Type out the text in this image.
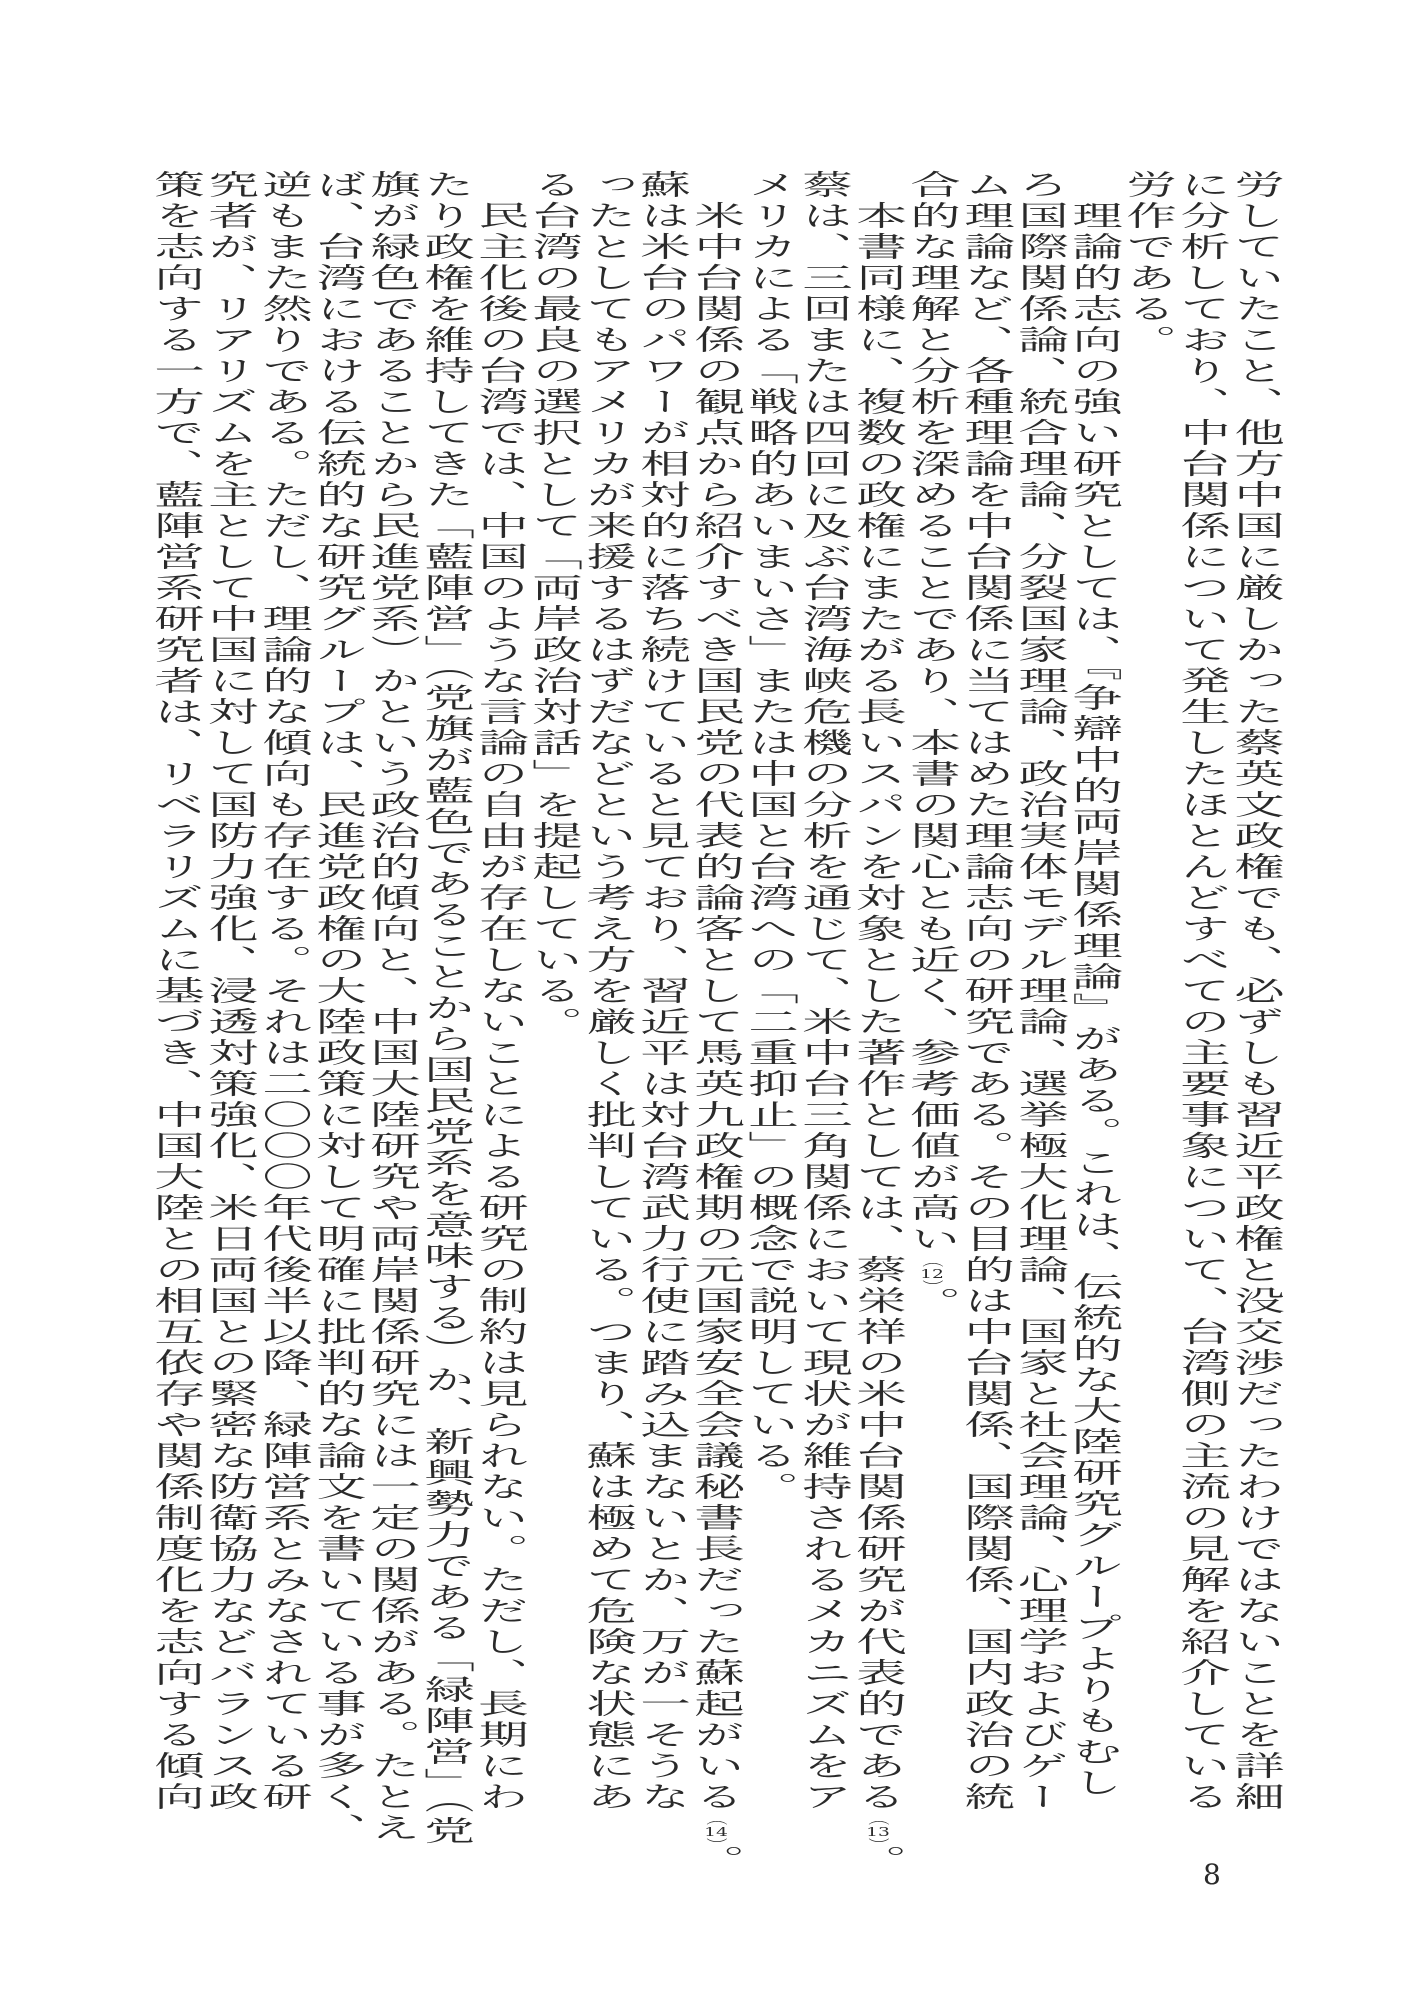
労していたこと、他方中国に厳しかった蔡英文政権でも、必ずしも習近平政権と没交渉だったわけではないことを詳細
に分析しており、中台関係について発生したほとんどすべての主要事象について、台湾側の主流の見解を紹介している
労作である。
　理論的志向の強い研究としては、『争辯中的両岸関係理論』がある。これは、伝統的な大陸研究グループよりもむし
ろ国際関係論、統合理論、分裂国家理論、政治実体モデル理論、選挙極大化理論、国家と社会理論、心理学およびゲー
ム理論など、各種理論を中台関係に当てはめた理論志向の研究である。その目的は中台関係、国際関係、国内政治の統
合的な理解と分析を深めることであり、本書の関心とも近く、参考価値が高い（12）。
　本書同様に、複数の政権にまたがる長いスパンを対象とした著作としては、蔡栄祥の米中台関係研究が代表的である（13）。
蔡は、三回または四回に及ぶ台湾海峡危機の分析を通じて、米中台三角関係において現状が維持されるメカニズムをア
メリカによる「戦略的あいまいさ」または中国と台湾への「二重抑止」の概念で説明している。
　米中台関係の観点から紹介すべき国民党の代表的論客として馬英九政権期の元国家安全会議秘書長だった蘇起がいる（14）。
蘇は米台のパワーが相対的に落ち続けていると見ており、習近平は対台湾武力行使に踏み込まないとか、万が一そうな
ったとしてもアメリカが来援するはずだなどという考え方を厳しく批判している。つまり、蘇は極めて危険な状態にあ
る台湾の最良の選択として「両岸政治対話」を提起している。
　民主化後の台湾では、中国のような言論の自由が存在しないことによる研究の制約は見られない。ただし、長期にわ
たり政権を維持してきた「藍陣営」（党旗が藍色であることから国民党系を意味する）か、新興勢力である「緑陣営」（党
旗が緑色であることから民進党系）かという政治的傾向と、中国大陸研究や両岸関係研究には一定の関係がある。たとえ
ば、台湾における伝統的な研究グループは、民進党政権の大陸政策に対して明確に批判的な論文を書いている事が多く、
逆もまた然りである。ただし、理論的な傾向も存在する。それは二〇〇〇年代後半以降、緑陣営系とみなされている研
究者が、リアリズムを主として中国に対して国防力強化、浸透対策強化、米日両国との緊密な防衛協力などバランス政
策を志向する一方で、藍陣営系研究者は、リベラリズムに基づき、中国大陸との相互依存や関係制度化を志向する傾向
8
